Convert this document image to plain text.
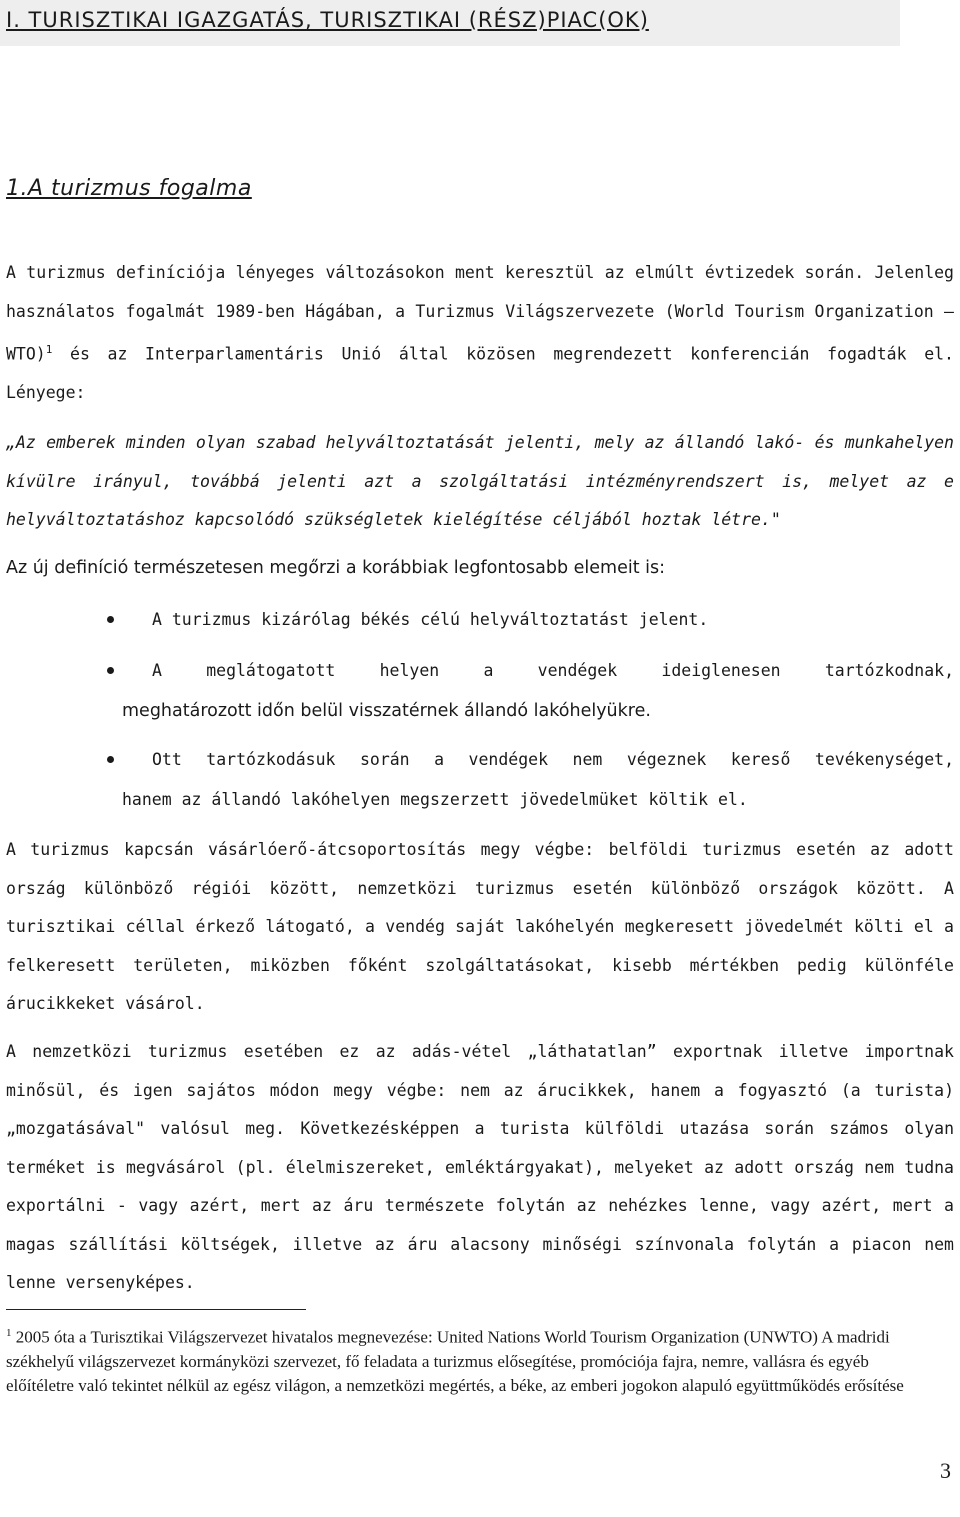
I. TURISZTIKAI IGAZGATÁS, TURISZTIKAI (RÉSZ)PIAC(OK)
1.A turizmus fogalma

A turizmus definíciója lényeges változásokon ment keresztül az elmúlt évtizedek során. Jelenleg használatos fogalmát 1989-ben Hágában, a Turizmus Világszervezete (World Tourism Organization — WTO)$^1$ és az Interparlamentáris Unió által közösen megrendezett konferencián fogadták el. Lényege:

„Az emberek minden olyan szabad helyváltoztatását jelenti, mely az állandó lakó- és munkahelyen kívülre irányul, továbbá jelenti azt a szolgáltatási intézményrendszert is, melyet az e helyváltoztatáshoz kapcsolódó szükségletek kielégítése céljából hoztak létre."

Az új definíció természetesen megőrzi a korábbiak legfontosabb elemeit is:

A turizmus kizárólag békés célú helyváltoztatást jelent.
A meglátogatott helyen a vendégek ideiglenesen tartózkodnak,
meghatározott időn belül visszatérnek állandó lakóhelyükre.
Ott tartózkodásuk során a vendégek nem végeznek kereső tevékenységet,
hanem az állandó lakóhelyen megszerzett jövedelmüket költik el.

A turizmus kapcsán vásárlóerő-átcsoportosítás megy végbe: belföldi turizmus esetén az adott ország különböző régiói között, nemzetközi turizmus esetén különböző országok között. A turisztikai céllal érkező látogató, a vendég saját lakóhelyén megkeresett jövedelmét költi el a felkeresett területen, miközben főként szolgáltatásokat, kisebb mértékben pedig különféle árucikkeket vásárol.

A nemzetközi turizmus esetében ez az adás-vétel „láthatatlan” exportnak illetve importnak minősül, és igen sajátos módon megy végbe: nem az árucikkek, hanem a fogyasztó (a turista) „mozgatásával" valósul meg. Következésképpen a turista külföldi utazása során számos olyan terméket is megvásárol (pl. élelmiszereket, emléktárgyakat), melyeket az adott ország nem tudna exportálni - vagy azért, mert az áru természete folytán az nehézkes lenne, vagy azért, mert a magas szállítási költségek, illetve az áru alacsony minőségi színvonala folytán a piacon nem lenne versenyképes.

$^1$ 2005 óta a Turisztikai Világszervezet hivatalos megnevezése: United Nations World Tourism Organization (UNWTO) A madridi székhelyű világszervezet kormányközi szervezet, fő feladata a turizmus elősegítése, promóciója fajra, nemre, vallásra és egyéb előítéletre való tekintet nélkül az egész világon, a nemzetközi megértés, a béke, az emberi jogokon alapuló együttműködés erősítése

3
